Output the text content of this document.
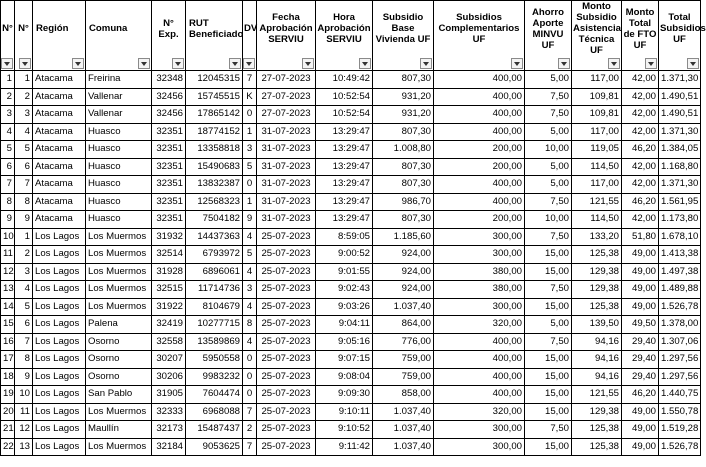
N°	N°	Región	Comuna	N° Exp.	RUT Beneficiado	DV	Fecha Aprobación SERVIU	Hora Aprobación SERVIU	Subsidio Base Vivienda UF	Subsidios Complementarios UF	Ahorro Aporte MINVU UF	Monto Subsidio Asistencia Técnica UF	Monto Total de FTO UF	Total Subsidios UF

1	1	Atacama	Freirina	32348	12045315	7	27-07-2023	10:49:42	807,30	400,00	5,00	117,00	42,00	1.371,30
2	2	Atacama	Vallenar	32456	15745515	K	27-07-2023	10:52:54	931,20	400,00	7,50	109,81	42,00	1.490,51
3	3	Atacama	Vallenar	32456	17865142	0	27-07-2023	10:52:54	931,20	400,00	7,50	109,81	42,00	1.490,51
4	4	Atacama	Huasco	32351	18774152	1	31-07-2023	13:29:47	807,30	400,00	5,00	117,00	42,00	1.371,30
5	5	Atacama	Huasco	32351	13358818	3	31-07-2023	13:29:47	1.008,80	200,00	10,00	119,05	46,20	1.384,05
6	6	Atacama	Huasco	32351	15490683	5	31-07-2023	13:29:47	807,30	200,00	5,00	114,50	42,00	1.168,80
7	7	Atacama	Huasco	32351	13832387	0	31-07-2023	13:29:47	807,30	400,00	5,00	117,00	42,00	1.371,30
8	8	Atacama	Huasco	32351	12568323	1	31-07-2023	13:29:47	986,70	400,00	7,50	121,55	46,20	1.561,95
9	9	Atacama	Huasco	32351	7504182	9	31-07-2023	13:29:47	807,30	200,00	10,00	114,50	42,00	1.173,80
10	1	Los Lagos	Los Muermos	31932	14437363	4	25-07-2023	8:59:05	1.185,60	300,00	7,50	133,20	51,80	1.678,10
11	2	Los Lagos	Los Muermos	32514	6793972	5	25-07-2023	9:00:52	924,00	300,00	15,00	125,38	49,00	1.413,38
12	3	Los Lagos	Los Muermos	31928	6896061	4	25-07-2023	9:01:55	924,00	380,00	15,00	129,38	49,00	1.497,38
13	4	Los Lagos	Los Muermos	32515	11714736	3	25-07-2023	9:02:43	924,00	380,00	7,50	129,38	49,00	1.489,88
14	5	Los Lagos	Los Muermos	31922	8104679	4	25-07-2023	9:03:26	1.037,40	300,00	15,00	125,38	49,00	1.526,78
15	6	Los Lagos	Palena	32419	10277715	8	25-07-2023	9:04:11	864,00	320,00	5,00	139,50	49,50	1.378,00
16	7	Los Lagos	Osorno	32558	13589869	4	25-07-2023	9:05:16	776,00	400,00	7,50	94,16	29,40	1.307,06
17	8	Los Lagos	Osorno	30207	5950558	0	25-07-2023	9:07:15	759,00	400,00	15,00	94,16	29,40	1.297,56
18	9	Los Lagos	Osorno	30206	9983232	0	25-07-2023	9:08:04	759,00	400,00	15,00	94,16	29,40	1.297,56
19	10	Los Lagos	San Pablo	31905	7604474	0	25-07-2023	9:09:30	858,00	400,00	15,00	121,55	46,20	1.440,75
20	11	Los Lagos	Los Muermos	32333	6968088	7	25-07-2023	9:10:11	1.037,40	320,00	15,00	129,38	49,00	1.550,78
21	12	Los Lagos	Maullín	32173	15487437	2	25-07-2023	9:10:52	1.037,40	300,00	7,50	125,38	49,00	1.519,28
22	13	Los Lagos	Los Muermos	32184	9053625	7	25-07-2023	9:11:42	1.037,40	300,00	15,00	125,38	49,00	1.526,78
